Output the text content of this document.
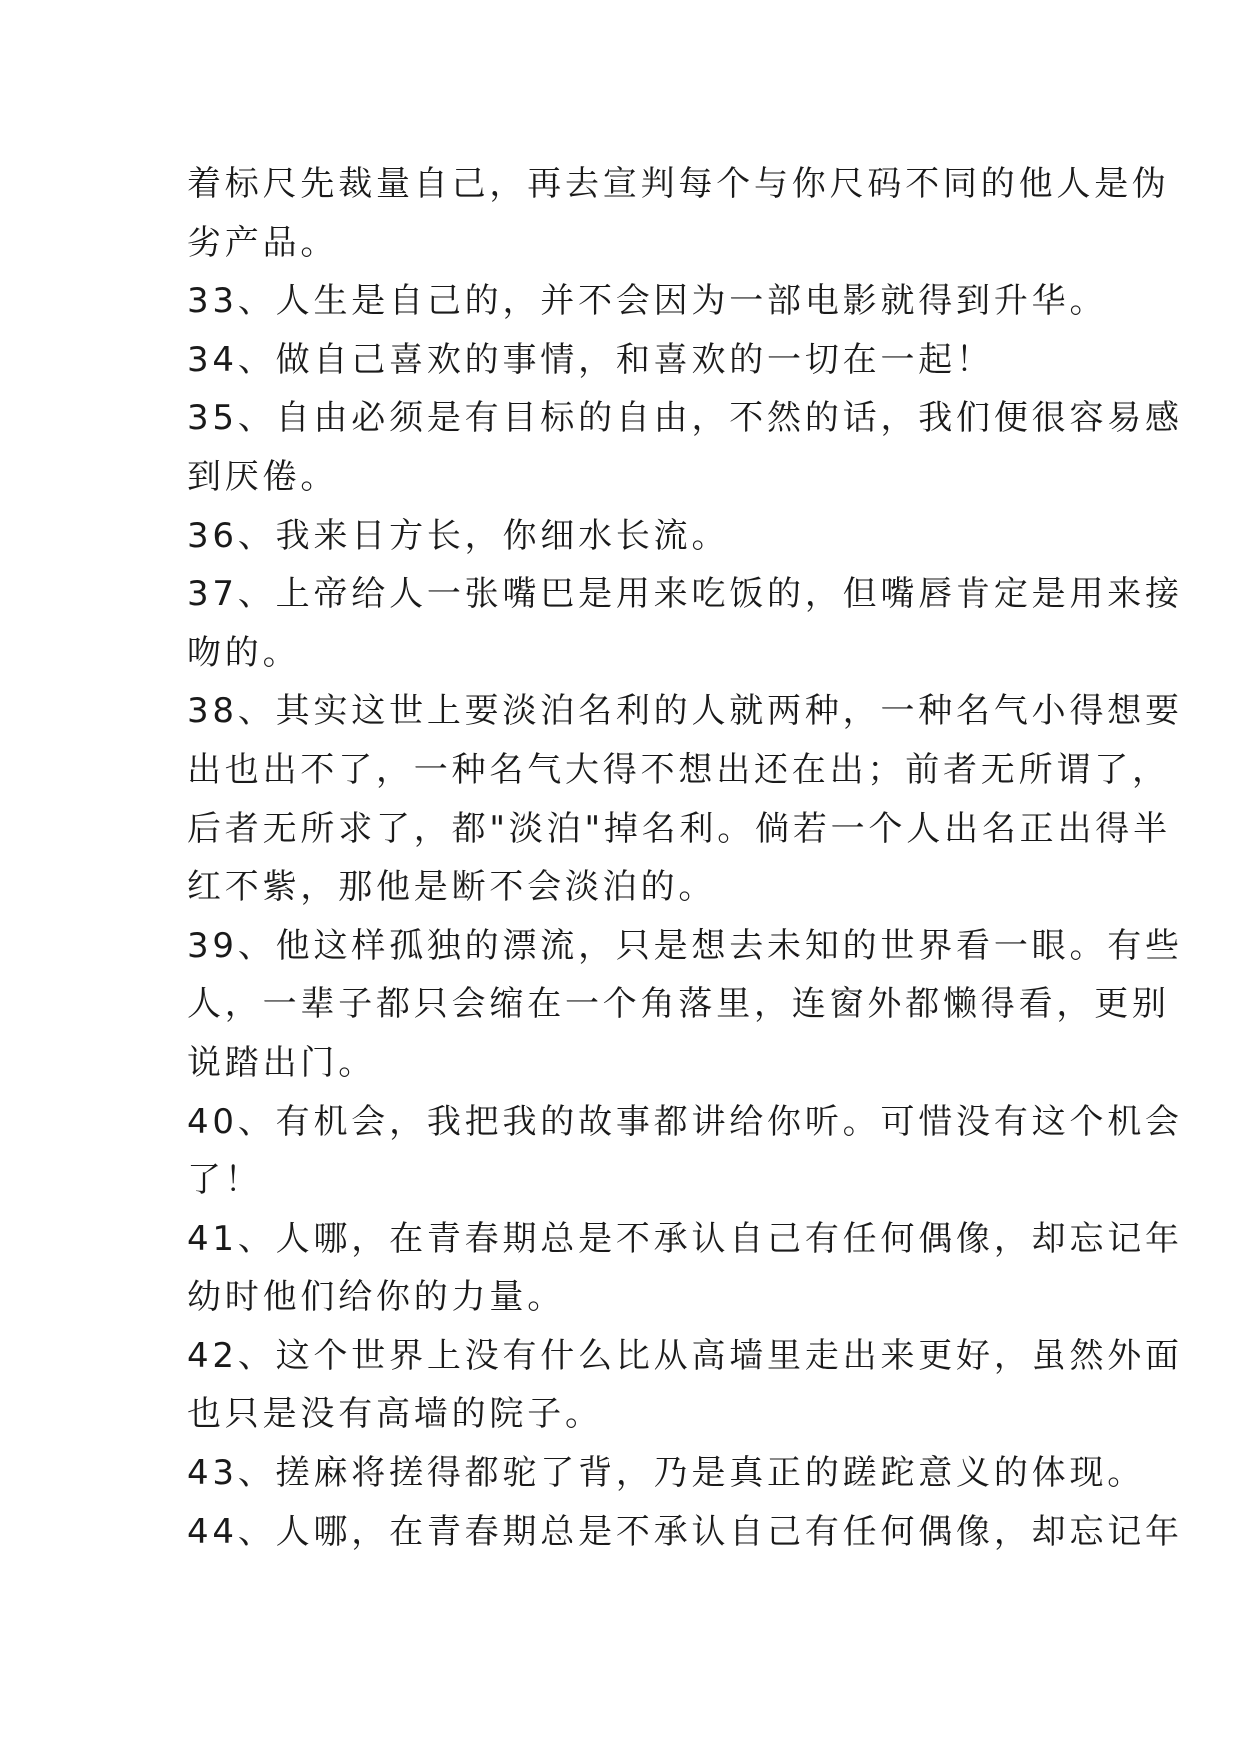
着标尺先裁量自己，再去宣判每个与你尺码不同的他人是伪
劣产品。
33、人生是自己的，并不会因为一部电影就得到升华。
34、做自己喜欢的事情，和喜欢的一切在一起！
35、自由必须是有目标的自由，不然的话，我们便很容易感
到厌倦。
36、我来日方长，你细水长流。
37、上帝给人一张嘴巴是用来吃饭的，但嘴唇肯定是用来接
吻的。
38、其实这世上要淡泊名利的人就两种，一种名气小得想要
出也出不了，一种名气大得不想出还在出；前者无所谓了，
后者无所求了，都"淡泊"掉名利。倘若一个人出名正出得半
红不紫，那他是断不会淡泊的。
39、他这样孤独的漂流，只是想去未知的世界看一眼。有些
人，一辈子都只会缩在一个角落里，连窗外都懒得看，更别
说踏出门。
40、有机会，我把我的故事都讲给你听。可惜没有这个机会
了！
41、人哪，在青春期总是不承认自己有任何偶像，却忘记年
幼时他们给你的力量。
42、这个世界上没有什么比从高墙里走出来更好，虽然外面
也只是没有高墙的院子。
43、搓麻将搓得都驼了背，乃是真正的蹉跎意义的体现。
44、人哪，在青春期总是不承认自己有任何偶像，却忘记年
